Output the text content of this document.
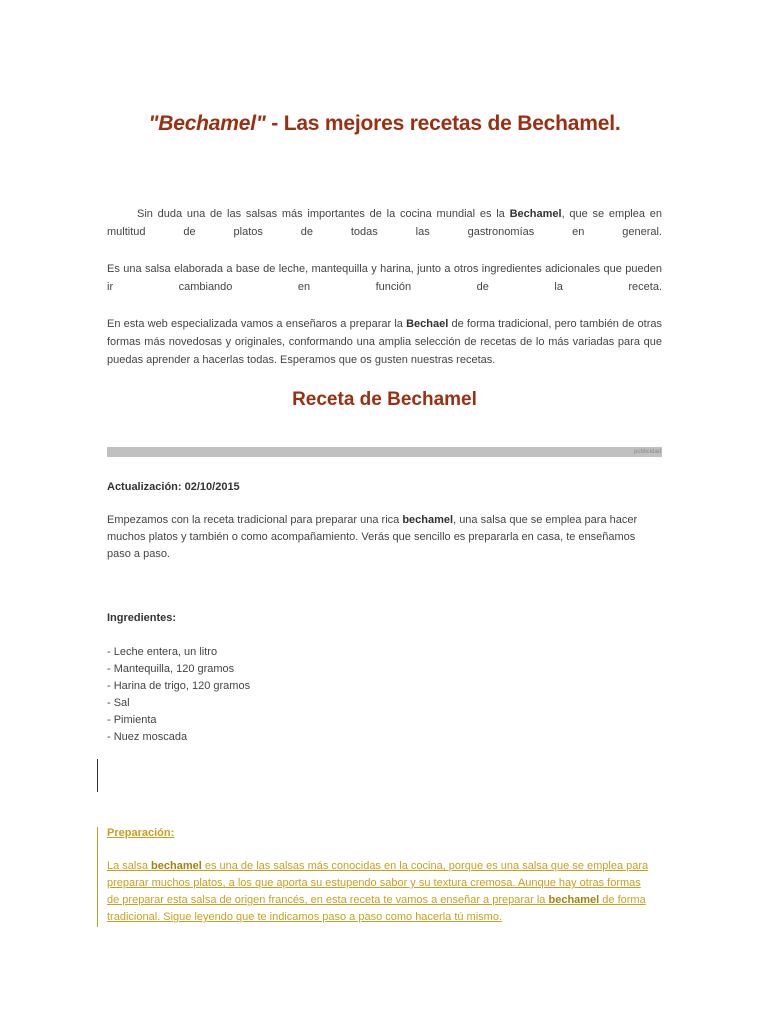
"Bechamel" - Las mejores recetas de Bechamel.

Sin duda una de las salsas más importantes de la cocina mundial es la Bechamel, que se emplea en multitud de platos de todas las gastronomías en general.

Es una salsa elaborada a base de leche, mantequilla y harina, junto a otros ingredientes adicionales que pueden ir cambiando en función de la receta.

En esta web especializada vamos a enseñaros a preparar la Bechael de forma tradicional, pero también de otras formas más novedosas y originales, conformando una amplia selección de recetas de lo más variadas para que puedas aprender a hacerlas todas. Esperamos que os gusten nuestras recetas.

Receta de Bechamel
publicidad

Actualización: 02/10/2015

Empezamos con la receta tradicional para preparar una rica bechamel, una salsa que se emplea para hacer muchos platos y también o como acompañamiento. Verás que sencillo es prepararla en casa, te enseñamos paso a paso.

Ingredientes:

- Leche entera, un litro
- Mantequilla, 120 gramos
- Harina de trigo, 120 gramos
- Sal
- Pimienta
- Nuez moscada

Preparación:

La salsa bechamel es una de las salsas más conocidas en la cocina, porque es una salsa que se emplea para preparar muchos platos, a los que aporta su estupendo sabor y su textura cremosa. Aunque hay otras formas de preparar esta salsa de origen francés, en esta receta te vamos a enseñar a preparar la bechamel de forma tradicional. Sigue leyendo que te indicamos paso a paso como hacerla tú mismo.
